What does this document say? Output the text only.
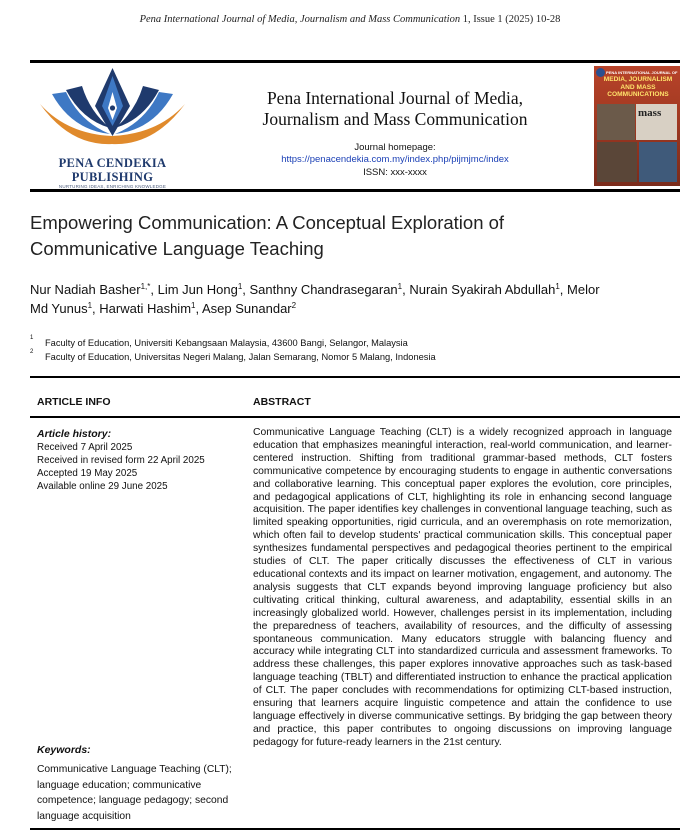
Pena International Journal of Media, Journalism and Mass Communication 1, Issue 1 (2025) 10-28
PENA CENDEKIA
PUBLISHING
NURTURING IDEAS, ENRICHING KNOWLEDGE
Pena International Journal of Media,
Journalism and Mass Communication
Journal homepage:
https://penacendekia.com.my/index.php/pijmjmc/index
ISSN: xxx-xxxx
PENA INTERNATIONAL JOURNAL OF
MEDIA, JOURNALISM AND MASS COMMUNICATIONS
mass
Empowering Communication: A Conceptual Exploration of
Communicative Language Teaching
Nur Nadiah Basher$^{1,*}$, Lim Jun Hong$^1$, Santhny Chandrasegaran$^1$, Nurain Syakirah Abdullah$^1$, Melor
Md Yunus$^1$, Harwati Hashim$^1$, Asep Sunandar$^2$
1 Faculty of Education, Universiti Kebangsaan Malaysia, 43600 Bangi, Selangor, Malaysia
2 Faculty of Education, Universitas Negeri Malang, Jalan Semarang, Nomor 5 Malang, Indonesia
ARTICLE INFO	ABSTRACT
Article history:
Received 7 April 2025
Received in revised form 22 April 2025
Accepted 19 May 2025
Available online 29 June 2025
Keywords:
Communicative Language Teaching (CLT); language education; communicative competence; language pedagogy; second language acquisition
Communicative Language Teaching (CLT) is a widely recognized approach in language education that emphasizes meaningful interaction, real-world communication, and learner-centered instruction. Shifting from traditional grammar-based methods, CLT fosters communicative competence by encouraging students to engage in authentic conversations and collaborative learning. This conceptual paper explores the evolution, core principles, and pedagogical applications of CLT, highlighting its role in enhancing second language acquisition. The paper identifies key challenges in conventional language teaching, such as limited speaking opportunities, rigid curricula, and an overemphasis on rote memorization, which often fail to develop students' practical communication skills. This conceptual paper synthesizes fundamental perspectives and pedagogical theories pertinent to the empirical studies of CLT. The paper critically discusses the effectiveness of CLT in various educational contexts and its impact on learner motivation, engagement, and autonomy. The analysis suggests that CLT expands beyond improving language proficiency but also cultivating critical thinking, cultural awareness, and adaptability, essential skills in an increasingly globalized world. However, challenges persist in its implementation, including the preparedness of teachers, availability of resources, and the difficulty of assessing spontaneous communication. Many educators struggle with balancing fluency and accuracy while integrating CLT into standardized curricula and assessment frameworks. To address these challenges, this paper explores innovative approaches such as task-based language teaching (TBLT) and differentiated instruction to enhance the practical application of CLT. The paper concludes with recommendations for optimizing CLT-based instruction, ensuring that learners acquire linguistic competence and attain the confidence to use language effectively in diverse communicative settings. By bridging the gap between theory and practice, this paper contributes to ongoing discussions on improving language pedagogy for future-ready learners in the 21st century.
